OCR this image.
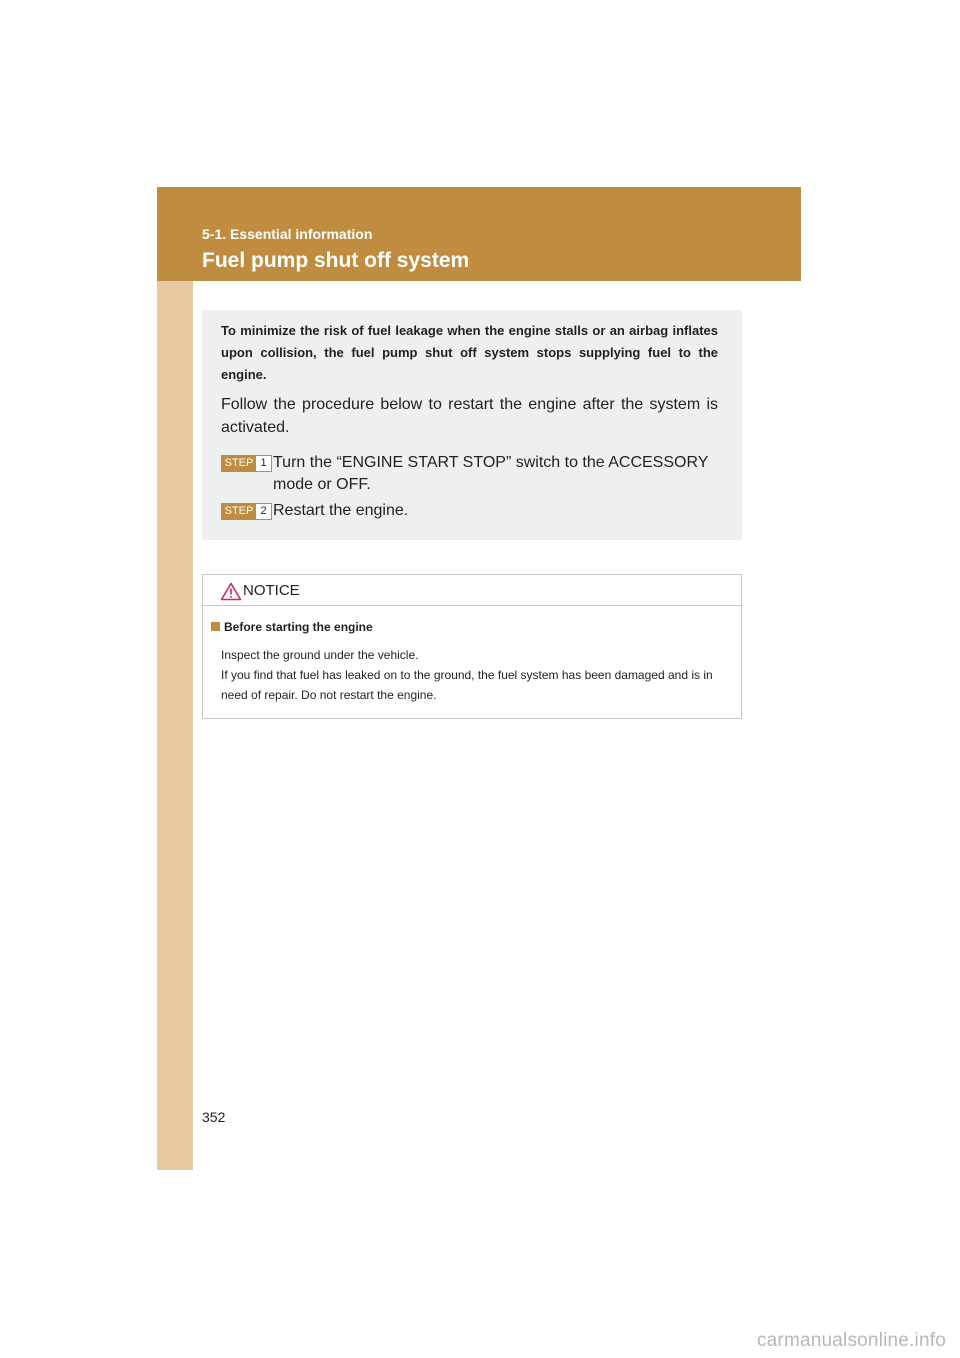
5-1. Essential information
Fuel pump shut off system

To minimize the risk of fuel leakage when the engine stalls or an airbag inflates upon collision, the fuel pump shut off system stops supplying fuel to the engine.

Follow the procedure below to restart the engine after the system is activated.

STEP 1 Turn the “ENGINE START STOP” switch to the ACCESSORY mode or OFF.

STEP 2 Restart the engine.

NOTICE
Before starting the engine
Inspect the ground under the vehicle.
If you find that fuel has leaked on to the ground, the fuel system has been damaged and is in need of repair. Do not restart the engine.
352
carmanualsonline.info
